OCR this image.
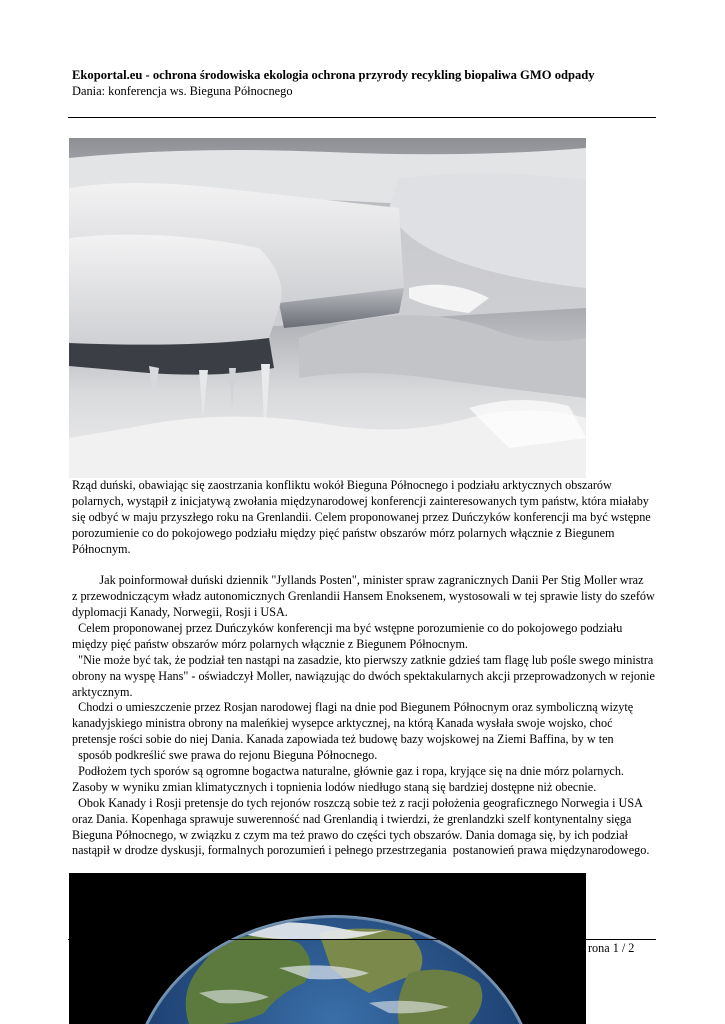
Ekoportal.eu - ochrona środowiska ekologia ochrona przyrody recykling biopaliwa GMO odpady
Dania: konferencja ws. Bieguna Północnego
Rząd duński, obawiając się zaostrzania konfliktu wokół Bieguna Północnego i podziału arktycznych obszarów
polarnych, wystąpił z inicjatywą zwołania międzynarodowej konferencji zainteresowanych tym państw, która miałaby
się odbyć w maju przyszłego roku na Grenlandii. Celem proponowanej przez Duńczyków konferencji ma być wstępne
porozumienie co do pokojowego podziału między pięć państw obszarów mórz polarnych włącznie z Biegunem
Północnym.
Jak poinformował duński dziennik "Jyllands Posten", minister spraw zagranicznych Danii Per Stig Moller wraz
z przewodniczącym władz autonomicznych Grenlandii Hansem Enoksenem, wystosowali w tej sprawie listy do szefów
dyplomacji Kanady, Norwegii, Rosji i USA.
Celem proponowanej przez Duńczyków konferencji ma być wstępne porozumienie co do pokojowego podziału
między pięć państw obszarów mórz polarnych włącznie z Biegunem Północnym.
"Nie może być tak, że podział ten nastąpi na zasadzie, kto pierwszy zatknie gdzieś tam flagę lub pośle swego ministra
obrony na wyspę Hans" - oświadczył Moller, nawiązując do dwóch spektakularnych akcji przeprowadzonych w rejonie
arktycznym.
Chodzi o umieszczenie przez Rosjan narodowej flagi na dnie pod Biegunem Północnym oraz symboliczną wizytę
kanadyjskiego ministra obrony na maleńkiej wysepce arktycznej, na którą Kanada wysłała swoje wojsko, choć
pretensje rości sobie do niej Dania. Kanada zapowiada też budowę bazy wojskowej na Ziemi Baffina, by w ten
sposób podkreślić swe prawa do rejonu Bieguna Północnego.
Podłożem tych sporów są ogromne bogactwa naturalne, głównie gaz i ropa, kryjące się na dnie mórz polarnych.
Zasoby w wyniku zmian klimatycznych i topnienia lodów niedługo staną się bardziej dostępne niż obecnie.
Obok Kanady i Rosji pretensje do tych rejonów roszczą sobie też z racji położenia geograficznego Norwegia i USA
oraz Dania. Kopenhaga sprawuje suwerenność nad Grenlandią i twierdzi, że grenlandzki szelf kontynentalny sięga
Bieguna Północnego, w związku z czym ma też prawo do części tych obszarów. Dania domaga się, by ich podział
nastąpił w drodze dyskusji, formalnych porozumień i pełnego przestrzegania  postanowień prawa międzynarodowego.
rona 1 / 2
